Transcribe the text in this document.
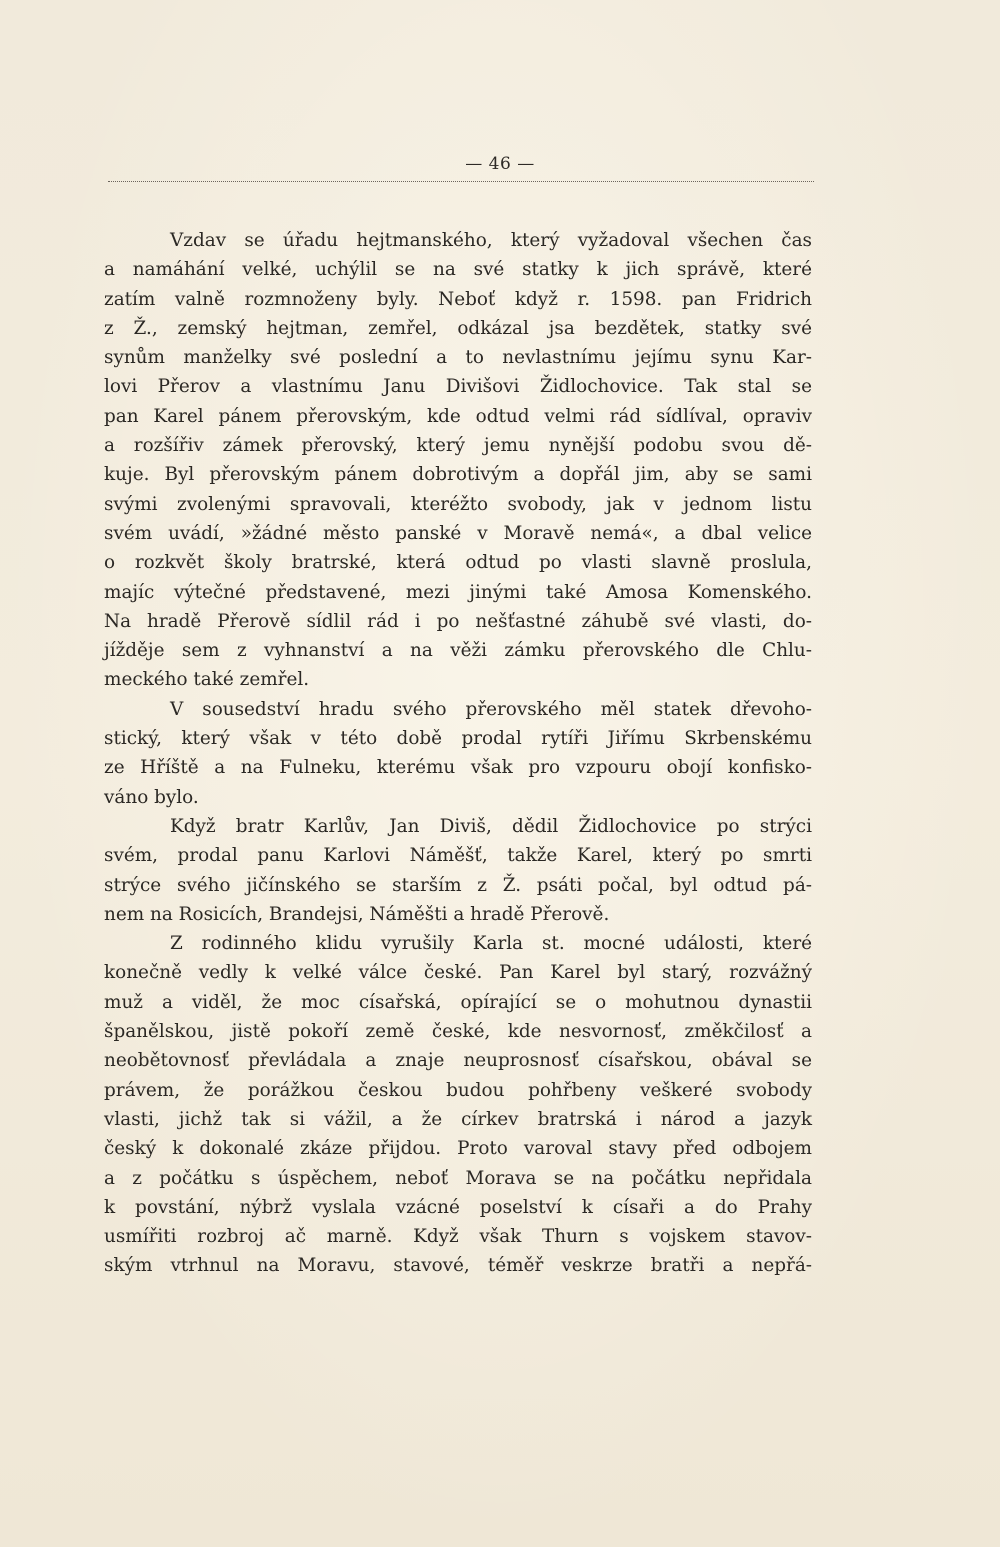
— 46 —
Vzdav se úřadu hejtmanského, který vyžadoval všechen čas
a namáhání velké, uchýlil se na své statky k jich správě, které
zatím valně rozmnoženy byly. Neboť když r. 1598. pan Fridrich
z Ž., zemský hejtman, zemřel, odkázal jsa bezdětek, statky své
synům manželky své poslední a to nevlastnímu jejímu synu Kar-
lovi Přerov a vlastnímu Janu Divišovi Židlochovice. Tak stal se
pan Karel pánem přerovským, kde odtud velmi rád sídlíval, opraviv
a rozšířiv zámek přerovský, který jemu nynější podobu svou dě-
kuje. Byl přerovským pánem dobrotivým a dopřál jim, aby se sami
svými zvolenými spravovali, kteréžto svobody, jak v jednom listu
svém uvádí, »žádné město panské v Moravě nemá«, a dbal velice
o rozkvět školy bratrské, která odtud po vlasti slavně proslula,
majíc výtečné představené, mezi jinými také Amosa Komenského.
Na hradě Přerově sídlil rád i po nešťastné záhubě své vlasti, do-
jížděje sem z vyhnanství a na věži zámku přerovského dle Chlu-
meckého také zemřel.
V sousedství hradu svého přerovského měl statek dřevoho-
stický, který však v této době prodal rytíři Jiřímu Skrbenskému
ze Hříště a na Fulneku, kterému však pro vzpouru obojí konfisko-
váno bylo.
Když bratr Karlův, Jan Diviš, dědil Židlochovice po strýci
svém, prodal panu Karlovi Náměšť, takže Karel, který po smrti
strýce svého jičínského se starším z Ž. psáti počal, byl odtud pá-
nem na Rosicích, Brandejsi, Náměšti a hradě Přerově.
Z rodinného klidu vyrušily Karla st. mocné události, které
konečně vedly k velké válce české. Pan Karel byl starý, rozvážný
muž a viděl, že moc císařská, opírající se o mohutnou dynastii
španělskou, jistě pokoří země české, kde nesvornosť, změkčilosť a
neobětovnosť převládala a znaje neuprosnosť císařskou, obával se
právem, že porážkou českou budou pohřbeny veškeré svobody
vlasti, jichž tak si vážil, a že církev bratrská i národ a jazyk
český k dokonalé zkáze přijdou. Proto varoval stavy před odbojem
a z počátku s úspěchem, neboť Morava se na počátku nepřidala
k povstání, nýbrž vyslala vzácné poselství k císaři a do Prahy
usmířiti rozbroj ač marně. Když však Thurn s vojskem stavov-
ským vtrhnul na Moravu, stavové, téměř veskrze bratři a nepřá-
